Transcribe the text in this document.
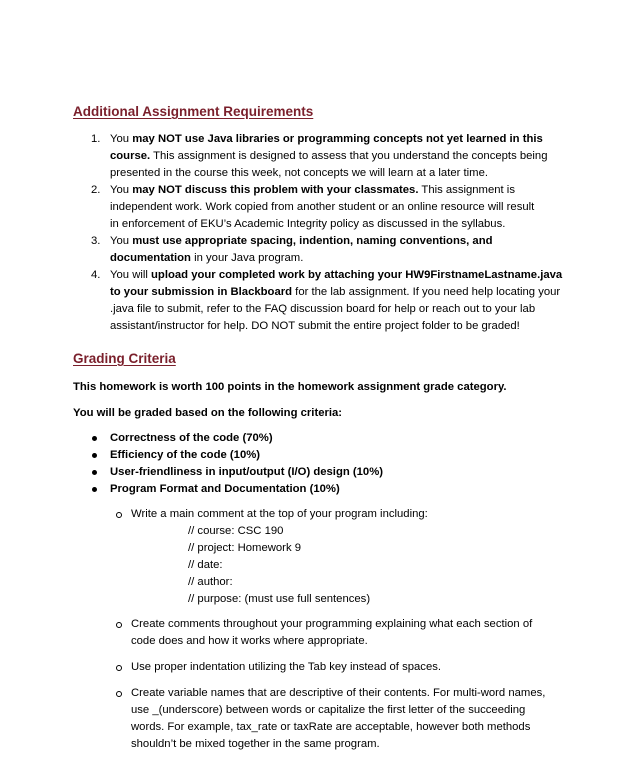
Additional Assignment Requirements
1. You may NOT use Java libraries or programming concepts not yet learned in this
course. This assignment is designed to assess that you understand the concepts being
presented in the course this week, not concepts we will learn at a later time.
2. You may NOT discuss this problem with your classmates. This assignment is
independent work. Work copied from another student or an online resource will result
in enforcement of EKU’s Academic Integrity policy as discussed in the syllabus.
3. You must use appropriate spacing, indention, naming conventions, and
documentation in your Java program.
4. You will upload your completed work by attaching your HW9FirstnameLastname.java
to your submission in Blackboard for the lab assignment. If you need help locating your
.java file to submit, refer to the FAQ discussion board for help or reach out to your lab
assistant/instructor for help. DO NOT submit the entire project folder to be graded!
Grading Criteria
This homework is worth 100 points in the homework assignment grade category.
You will be graded based on the following criteria:
Correctness of the code (70%)
Efficiency of the code (10%)
User-friendliness in input/output (I/O) design (10%)
Program Format and Documentation (10%)
Write a main comment at the top of your program including:
// course: CSC 190
// project: Homework 9
// date:
// author:
// purpose: (must use full sentences)
Create comments throughout your programming explaining what each section of
code does and how it works where appropriate.
Use proper indentation utilizing the Tab key instead of spaces.
Create variable names that are descriptive of their contents. For multi-word names,
use _(underscore) between words or capitalize the first letter of the succeeding
words. For example, tax_rate or taxRate are acceptable, however both methods
shouldn’t be mixed together in the same program.
